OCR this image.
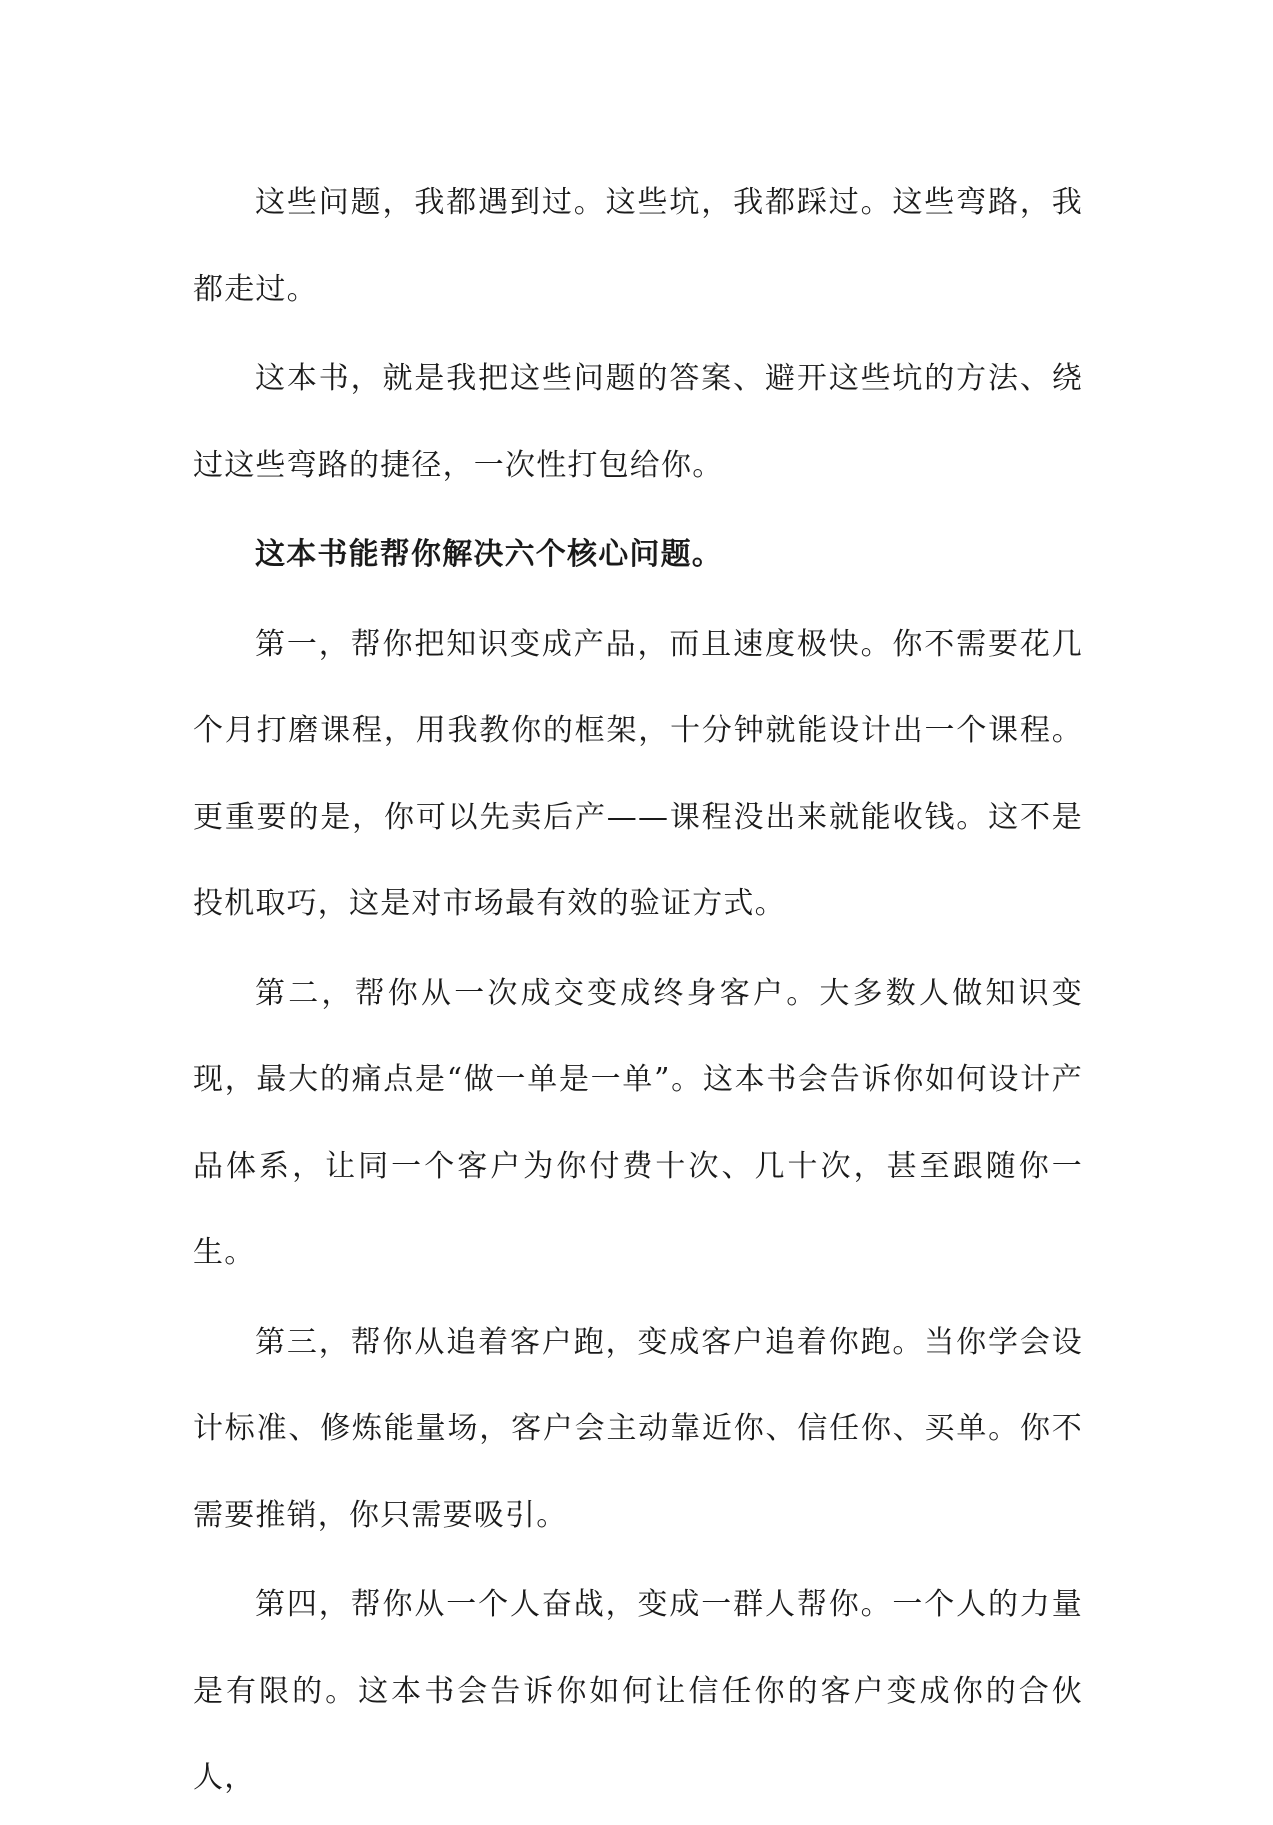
这些问题，我都遇到过。这些坑，我都踩过。这些弯路，我都走过。

这本书，就是我把这些问题的答案、避开这些坑的方法、绕过这些弯路的捷径，一次性打包给你。

这本书能帮你解决六个核心问题。

第一，帮你把知识变成产品，而且速度极快。你不需要花几个月打磨课程，用我教你的框架，十分钟就能设计出一个课程。更重要的是，你可以先卖后产——课程没出来就能收钱。这不是投机取巧，这是对市场最有效的验证方式。

第二，帮你从一次成交变成终身客户。大多数人做知识变现，最大的痛点是“做一单是一单”。这本书会告诉你如何设计产品体系，让同一个客户为你付费十次、几十次，甚至跟随你一生。

第三，帮你从追着客户跑，变成客户追着你跑。当你学会设计标准、修炼能量场，客户会主动靠近你、信任你、买单。你不需要推销，你只需要吸引。

第四，帮你从一个人奋战，变成一群人帮你。一个人的力量是有限的。这本书会告诉你如何让信任你的客户变成你的合伙人，
